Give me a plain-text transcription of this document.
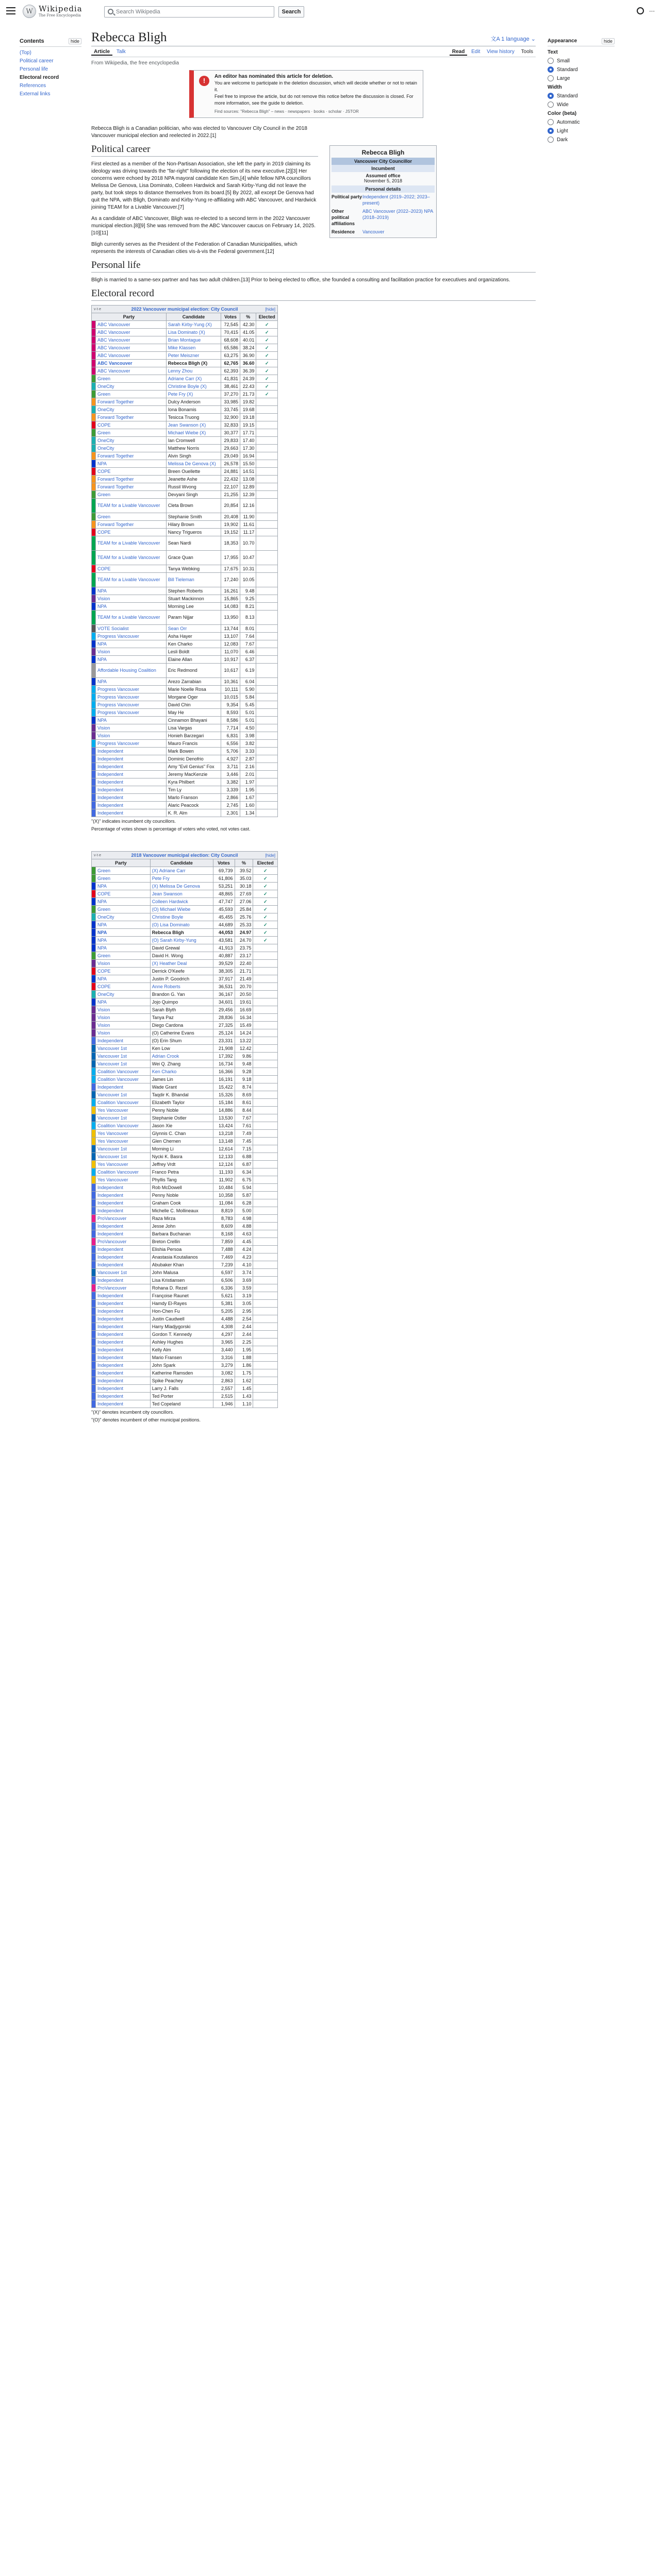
W Wikipedia
The Free Encyclopedia
Search Wikipedia	Search	⋯
Contents	hide
(Top)
Political career
Personal life
Electoral record
References
External links
Rebecca Bligh	文A 1 language ⌄
Article Talk	Read Edit View history Tools
From Wikipedia, the free encyclopedia
!
An editor has nominated this article for deletion.
You are welcome to participate in the deletion discussion, which will decide whether or not to retain it.
Feel free to improve the article, but do not remove this notice before the discussion is closed. For more information, see the guide to deletion.
Find sources: "Rebecca Bligh" – news · newspapers · books · scholar · JSTOR
Rebecca Bligh
Vancouver City Councillor
Incumbent
Assumed office
November 5, 2018
Personal details
Political party Independent (2019–2022; 2023–present)
Other political affiliations
ABC Vancouver (2022–2023) NPA (2018–2019)
Residence	Vancouver

Rebecca Bligh is a Canadian politician, who was elected to Vancouver City Council in the 2018 Vancouver municipal election and reelected in 2022.[1]

Political career

First elected as a member of the Non-Partisan Association, she left the party in 2019 claiming its ideology was driving towards the "far-right" following the election of its new executive.[2][3] Her concerns were echoed by 2018 NPA mayoral candidate Ken Sim,[4] while fellow NPA councillors Melissa De Genova, Lisa Dominato, Colleen Hardwick and Sarah Kirby-Yung did not leave the party, but took steps to distance themselves from its board.[5] By 2022, all except De Genova had quit the NPA, with Bligh, Dominato and Kirby-Yung re-affiliating with ABC Vancouver, and Hardwick joining TEAM for a Livable Vancouver.[7]

As a candidate of ABC Vancouver, Bligh was re-elected to a second term in the 2022 Vancouver municipal election.[8][9] She was removed from the ABC Vancouver caucus on February 14, 2025.[10][11]

Bligh currently serves as the President of the Federation of Canadian Municipalities, which represents the interests of Canadian cities vis-à-vis the Federal government.[12]

Personal life

Bligh is married to a same-sex partner and has two adult children.[13] Prior to being elected to office, she founded a consulting and facilitation practice for executives and organizations.

Electoral record
v·t·e 2022 Vancouver municipal election: City Council [hide]					

Party		Candidate	Votes	%	Elected
	ABC Vancouver	Sarah Kirby-Yung (X)	72,545	42.30	✓
	ABC Vancouver	Lisa Dominato (X)	70,415	41.05	✓
	ABC Vancouver	Brian Montague	68,608	40.01	✓
	ABC Vancouver	Mike Klassen	65,586	38.24	✓
	ABC Vancouver	Peter Meiszner	63,275	36.90	✓
	ABC Vancouver	Rebecca Bligh (X)	62,765	36.60	✓
	ABC Vancouver	Lenny Zhou	62,393	36.39	✓
	Green	Adriane Carr (X)	41,831	24.39	✓
	OneCity	Christine Boyle (X)	38,461	22.43	✓
	Green	Pete Fry (X)	37,270	21.73	✓
	Forward Together	Dulcy Anderson	33,985	19.82	
	OneCity	Iona Bonamis	33,745	19.68	
	Forward Together	Tesicca Truong	32,900	19.18	
	COPE	Jean Swanson (X)	32,833	19.15	
	Green	Michael Wiebe (X)	30,377	17.71	
	OneCity	Ian Cromwell	29,833	17.40	
	OneCity	Matthew Norris	29,663	17.30	
	Forward Together	Alvin Singh	29,049	16.94	
	NPA	Melissa De Genova (X)	26,578	15.50	
	COPE	Breen Ouellette	24,881	14.51	
	Forward Together	Jeanette Ashe	22,432	13.08	
	Forward Together	Russil Wvong	22,107	12.89	
	Green	Devyani Singh	21,255	12.39	
	TEAM for a Livable Vancouver	Cleta Brown	20,854	12.16	
	Green	Stephanie Smith	20,408	11.90	
	Forward Together	Hilary Brown	19,902	11.61	
	COPE	Nancy Trigueros	19,152	11.17	
	TEAM for a Livable Vancouver	Sean Nardi	18,353	10.70	
	TEAM for a Livable Vancouver	Grace Quan	17,955	10.47	
	COPE	Tanya Webking	17,675	10.31	
	TEAM for a Livable Vancouver	Bill Tieleman	17,240	10.05	
	NPA	Stephen Roberts	16,261	9.48	
	Vision	Stuart Mackinnon	15,865	9.25	
	NPA	Morning Lee	14,083	8.21	
	TEAM for a Livable Vancouver	Param Nijjar	13,950	8.13	
	VOTE Socialist	Sean Orr	13,744	8.01	
	Progress Vancouver	Asha Hayer	13,107	7.64	
	NPA	Ken Charko	12,083	7.67	
	Vision	Lesli Boldt	11,070	6.46	
	NPA	Elaine Allan	10,917	6.37	
	Affordable Housing Coalition	Eric Redmond	10,617	6.19	
	NPA	Arezo Zarrabian	10,361	6.04	
	Progress Vancouver	Marie Noelle Rosa	10,111	5.90	
	Progress Vancouver	Morgane Oger	10,015	5.84	
	Progress Vancouver	David Chin	9,354	5.45	
	Progress Vancouver	May He	8,593	5.01	
	NPA	Cinnamon Bhayani	8,586	5.01	
	Vision	Lisa Vargas	7,714	4.50	
	Vision	Honieh Barzegari	6,831	3.98	
	Progress Vancouver	Mauro Francis	6,556	3.82	
	Independent	Mark Bowen	5,706	3.33	
	Independent	Dominic Denofrio	4,927	2.87	
	Independent	Amy "Evil Genius" Fox	3,711	2.16	
	Independent	Jeremy MacKenzie	3,446	2.01	
	Independent	Kyra Philbert	3,382	1.97	
	Independent	Tim Ly	3,339	1.95	
	Independent	Marlo Franson	2,866	1.67	
	Independent	Alaric Peacock	2,745	1.60	
	Independent	K. R. Alm	2,301	1.34	
"(X)" indicates incumbent city councillors.
Percentage of votes shown is percentage of voters who voted, not votes cast.
v·t·e 2018 Vancouver municipal election: City Council [hide]					

Party		Candidate	Votes	%	Elected
	Green	(X) Adriane Carr	69,739	39.52	✓
	Green	Pete Fry	61,806	35.03	✓
	NPA	(X) Melissa De Genova	53,251	30.18	✓
	COPE	Jean Swanson	48,865	27.69	✓
	NPA	Colleen Hardwick	47,747	27.06	✓
	Green	(O) Michael Wiebe	45,593	25.84	✓
	OneCity	Christine Boyle	45,455	25.76	✓
	NPA	(O) Lisa Dominato	44,689	25.33	✓
	NPA	Rebecca Bligh	44,053	24.97	✓
	NPA	(O) Sarah Kirby-Yung	43,581	24.70	✓
	NPA	David Grewal	41,913	23.75	
	Green	David H. Wong	40,887	23.17	
	Vision	(X) Heather Deal	39,529	22.40	
	COPE	Derrick O'Keefe	38,305	21.71	
	NPA	Justin P. Goodrich	37,917	21.49	
	COPE	Anne Roberts	36,531	20.70	
	OneCity	Brandon G. Yan	36,167	20.50	
	NPA	Jojo Quimpo	34,601	19.61	
	Vision	Sarah Blyth	29,456	16.69	
	Vision	Tanya Paz	28,836	16.34	
	Vision	Diego Cardona	27,325	15.49	
	Vision	(O) Catherine Evans	25,124	14.24	
	Independent	(O) Erin Shum	23,331	13.22	
	Vancouver 1st	Ken Low	21,908	12.42	
	Vancouver 1st	Adrian Crook	17,392	9.86	
	Vancouver 1st	Wei Q. Zhang	16,734	9.48	
	Coalition Vancouver	Ken Charko	16,366	9.28	
	Coalition Vancouver	James Lin	16,191	9.18	
	Independent	Wade Grant	15,422	8.74	
	Vancouver 1st	Taqdir K. Bhandal	15,326	8.69	
	Coalition Vancouver	Elizabeth Taylor	15,184	8.61	
	Yes Vancouver	Penny Noble	14,886	8.44	
	Vancouver 1st	Stephanie Ostler	13,530	7.67	
	Coalition Vancouver	Jason Xie	13,424	7.61	
	Yes Vancouver	Glynnis C. Chan	13,218	7.49	
	Yes Vancouver	Glen Chernen	13,148	7.45	
	Vancouver 1st	Morning Li	12,614	7.15	
	Vancouver 1st	Nycki K. Basra	12,133	6.88	
	Yes Vancouver	Jeffrey Vrdt	12,124	6.87	
	Coalition Vancouver	Franco Petra	11,193	6.34	
	Yes Vancouver	Phyllis Tang	11,902	6.75	
	Independent	Rob McDowell	10,484	5.94	
	Independent	Penny Noble	10,358	5.87	
	Independent	Graham Cook	11,084	6.28	
	Independent	Michelle C. Mollineaux	8,819	5.00	
	ProVancouver	Raza Mirza	8,783	4.98	
	Independent	Jesse John	8,609	4.88	
	Independent	Barbara Buchanan	8,168	4.63	
	ProVancouver	Breton Crellin	7,859	4.45	
	Independent	Elishia Persoa	7,488	4.24	
	Independent	Anastasia Koutalianos	7,469	4.23	
	Independent	Abubaker Khan	7,239	4.10	
	Vancouver 1st	John Malusa	6,597	3.74	
	Independent	Lisa Kristiansen	6,506	3.69	
	ProVancouver	Rohana D. Rezel	6,336	3.59	
	Independent	Françoise Raunet	5,621	3.19	
	Independent	Hamdy El-Rayes	5,381	3.05	
	Independent	Hon-Chen Fu	5,205	2.95	
	Independent	Justin Caudwell	4,488	2.54	
	Independent	Harry Mladjygorski	4,308	2.44	
	Independent	Gordon T. Kennedy	4,297	2.44	
	Independent	Ashley Hughes	3,965	2.25	
	Independent	Kelly Alm	3,440	1.95	
	Independent	Mario Fransen	3,316	1.88	
	Independent	John Spark	3,279	1.86	
	Independent	Katherine Ramsden	3,082	1.75	
	Independent	Spike Peachey	2,863	1.62	
	Independent	Larry J. Falls	2,557	1.45	
	Independent	Ted Porter	2,515	1.43	
	Independent	Ted Copeland	1,946	1.10	
"(X)" denotes incumbent city councillors.
"(O)" denotes incumbent of other municipal positions.
Appearance	hide
Text
Small
Standard
Large
Width
Standard
Wide
Color (beta)
Automatic
Light
Dark
